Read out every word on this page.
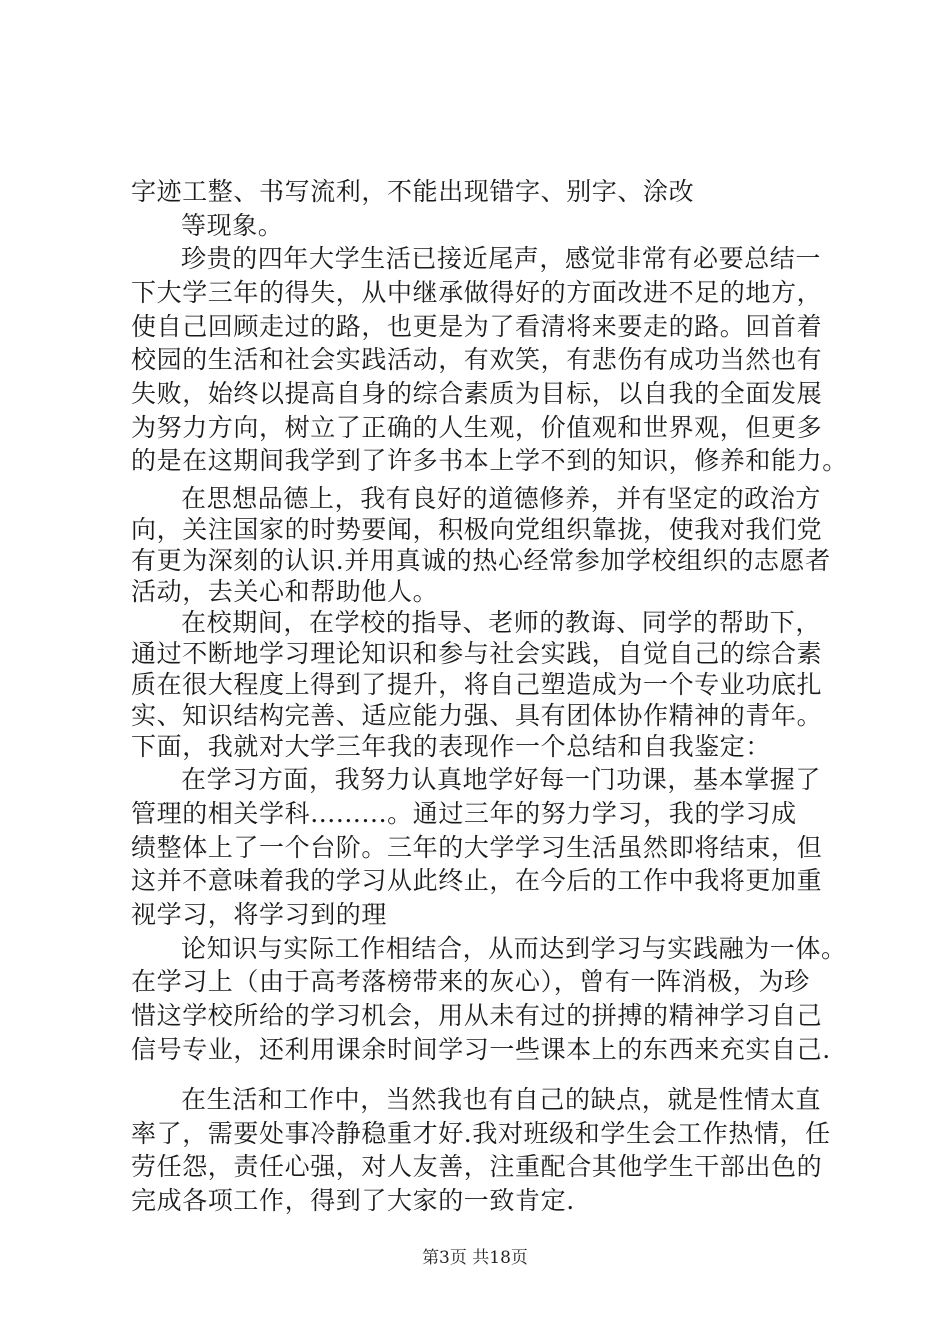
字迹工整、书写流利，不能出现错字、别字、涂改
等现象。
珍贵的四年大学生活已接近尾声，感觉非常有必要总结一
下大学三年的得失，从中继承做得好的方面改进不足的地方，
使自己回顾走过的路，也更是为了看清将来要走的路。回首着
校园的生活和社会实践活动，有欢笑，有悲伤有成功当然也有
失败，始终以提高自身的综合素质为目标，以自我的全面发展
为努力方向，树立了正确的人生观，价值观和世界观，但更多
的是在这期间我学到了许多书本上学不到的知识，修养和能力。
在思想品德上，我有良好的道德修养，并有坚定的政治方
向，关注国家的时势要闻，积极向党组织靠拢，使我对我们党
有更为深刻的认识.并用真诚的热心经常参加学校组织的志愿者
活动，去关心和帮助他人。
在校期间，在学校的指导、老师的教诲、同学的帮助下，
通过不断地学习理论知识和参与社会实践，自觉自己的综合素
质在很大程度上得到了提升，将自己塑造成为一个专业功底扎
实、知识结构完善、适应能力强、具有团体协作精神的青年。
下面，我就对大学三年我的表现作一个总结和自我鉴定：
在学习方面，我努力认真地学好每一门功课，基本掌握了
管理的相关学科.........。通过三年的努力学习，我的学习成
绩整体上了一个台阶。三年的大学学习生活虽然即将结束，但
这并不意味着我的学习从此终止，在今后的工作中我将更加重
视学习，将学习到的理
论知识与实际工作相结合，从而达到学习与实践融为一体。
在学习上（由于高考落榜带来的灰心），曾有一阵消极，为珍
惜这学校所给的学习机会，用从未有过的拼搏的精神学习自己
信号专业，还利用课余时间学习一些课本上的东西来充实自己.
在生活和工作中，当然我也有自己的缺点，就是性情太直
率了，需要处事冷静稳重才好.我对班级和学生会工作热情，任
劳任怨，责任心强，对人友善，注重配合其他学生干部出色的
完成各项工作，得到了大家的一致肯定.
第3页 共18页
